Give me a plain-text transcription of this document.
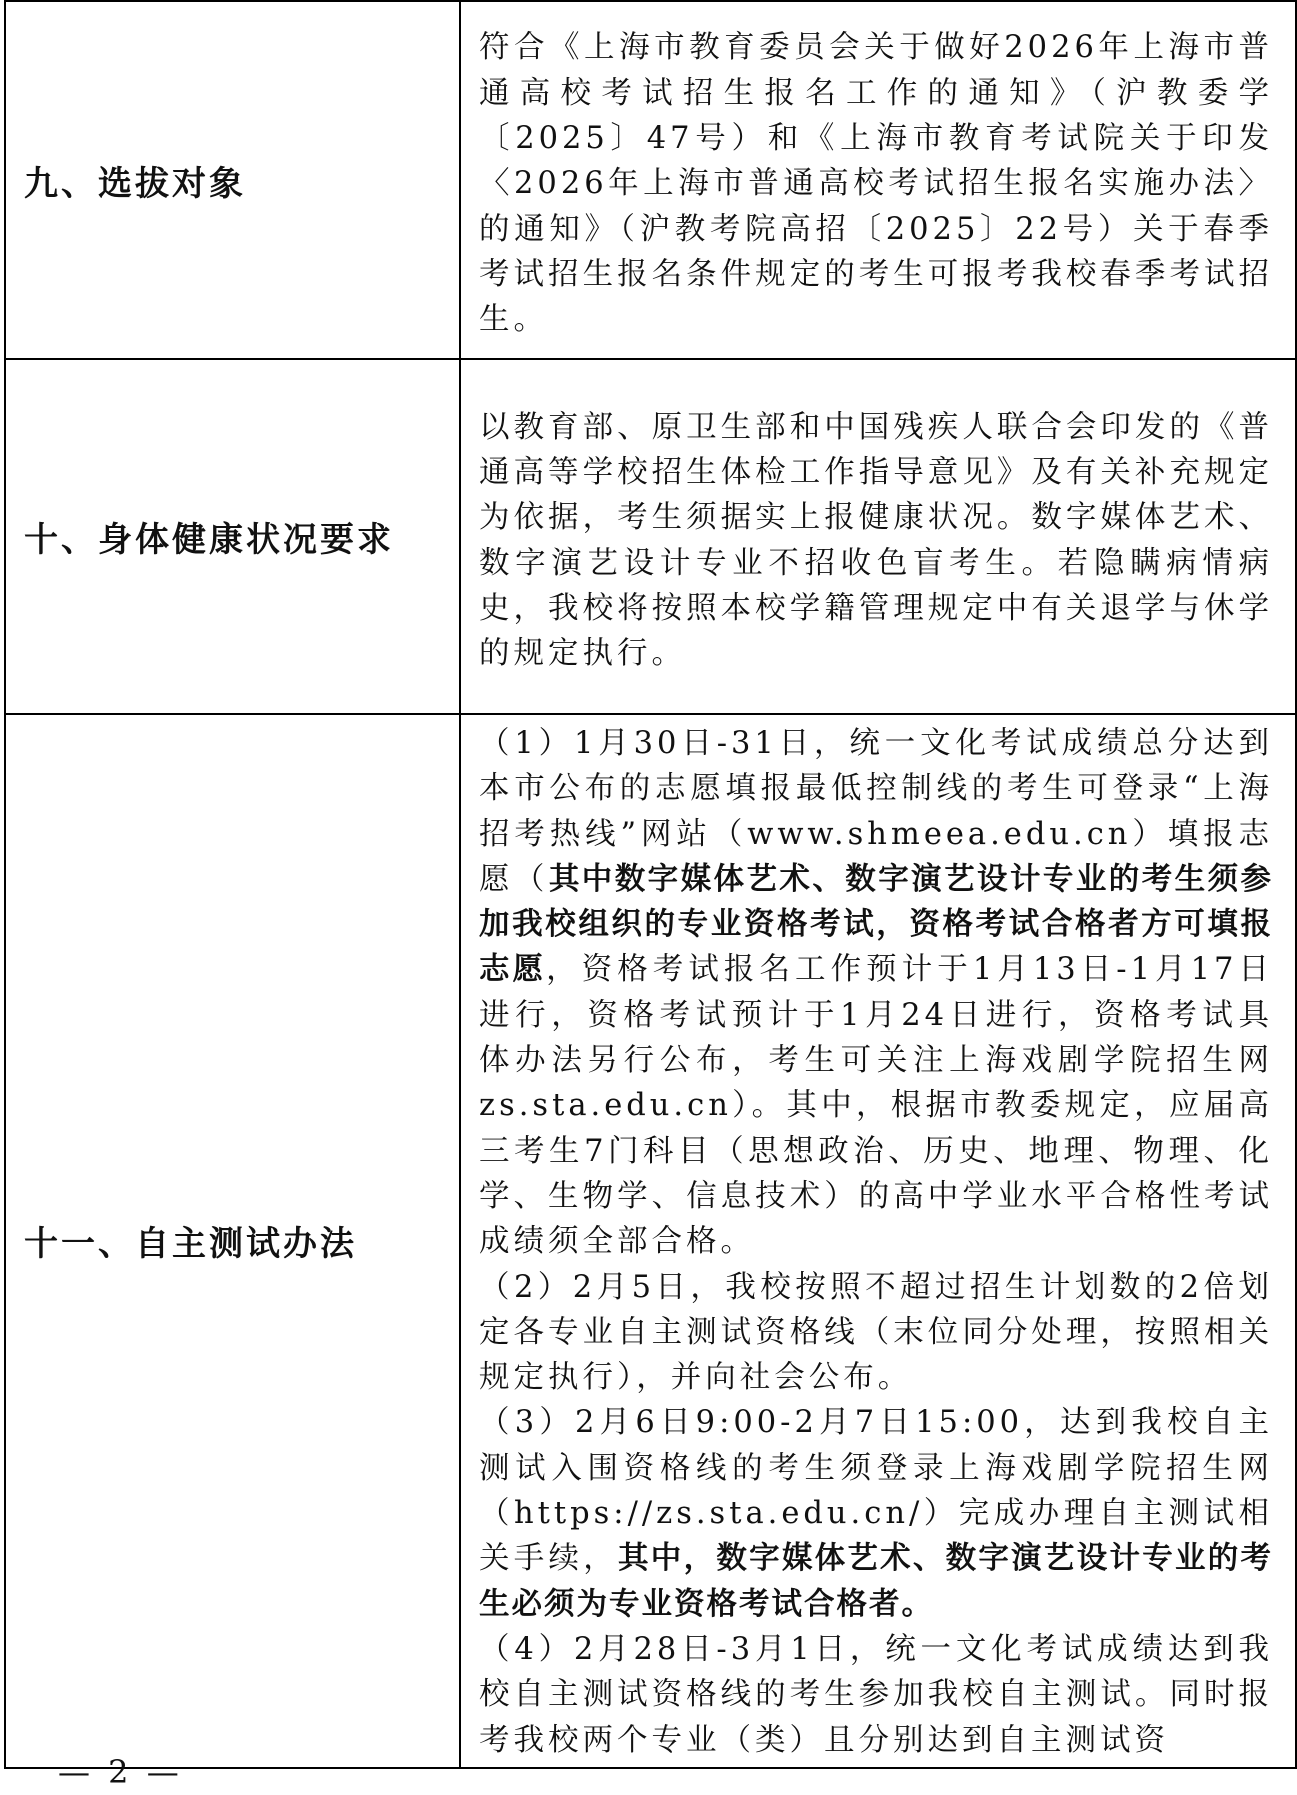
九、选拔对象	符合《上海市教育委员会关于做好2026年上海市普通高校考试招生报名工作的通知》（沪教委学〔2025〕47号）和《上海市教育考试院关于印发〈2026年上海市普通高校考试招生报名实施办法〉的通知》（沪教考院高招〔2025〕22号）关于春季考试招生报名条件规定的考生可报考我校春季考试招生。

十、身体健康状况要求	以教育部、原卫生部和中国残疾人联合会印发的《普通高等学校招生体检工作指导意见》及有关补充规定为依据，考生须据实上报健康状况。数字媒体艺术、数字演艺设计专业不招收色盲考生。若隐瞒病情病史，我校将按照本校学籍管理规定中有关退学与休学的规定执行。

十一、自主测试办法	（1）1月30日-31日，统一文化考试成绩总分达到本市公布的志愿填报最低控制线的考生可登录“上海招考热线”网站（www.shmeea.edu.cn）填报志愿（其中数字媒体艺术、数字演艺设计专业的考生须参加我校组织的专业资格考试，资格考试合格者方可填报志愿，资格考试报名工作预计于1月13日-1月17日进行，资格考试预计于1月24日进行，资格考试具体办法另行公布，考生可关注上海戏剧学院招生网zs.sta.edu.cn）。其中，根据市教委规定，应届高三考生7门科目（思想政治、历史、地理、物理、化学、生物学、信息技术）的高中学业水平合格性考试成绩须全部合格。

（2）2月5日，我校按照不超过招生计划数的2倍划定各专业自主测试资格线（末位同分处理，按照相关规定执行），并向社会公布。

（3）2月6日9:00-2月7日15:00，达到我校自主测试入围资格线的考生须登录上海戏剧学院招生网（https://zs.sta.edu.cn/）完成办理自主测试相关手续，其中，数字媒体艺术、数字演艺设计专业的考生必须为专业资格考试合格者。

（4）2月28日-3月1日，统一文化考试成绩达到我校自主测试资格线的考生参加我校自主测试。同时报考我校两个专业（类）且分别达到自主测试资

— 2 —
